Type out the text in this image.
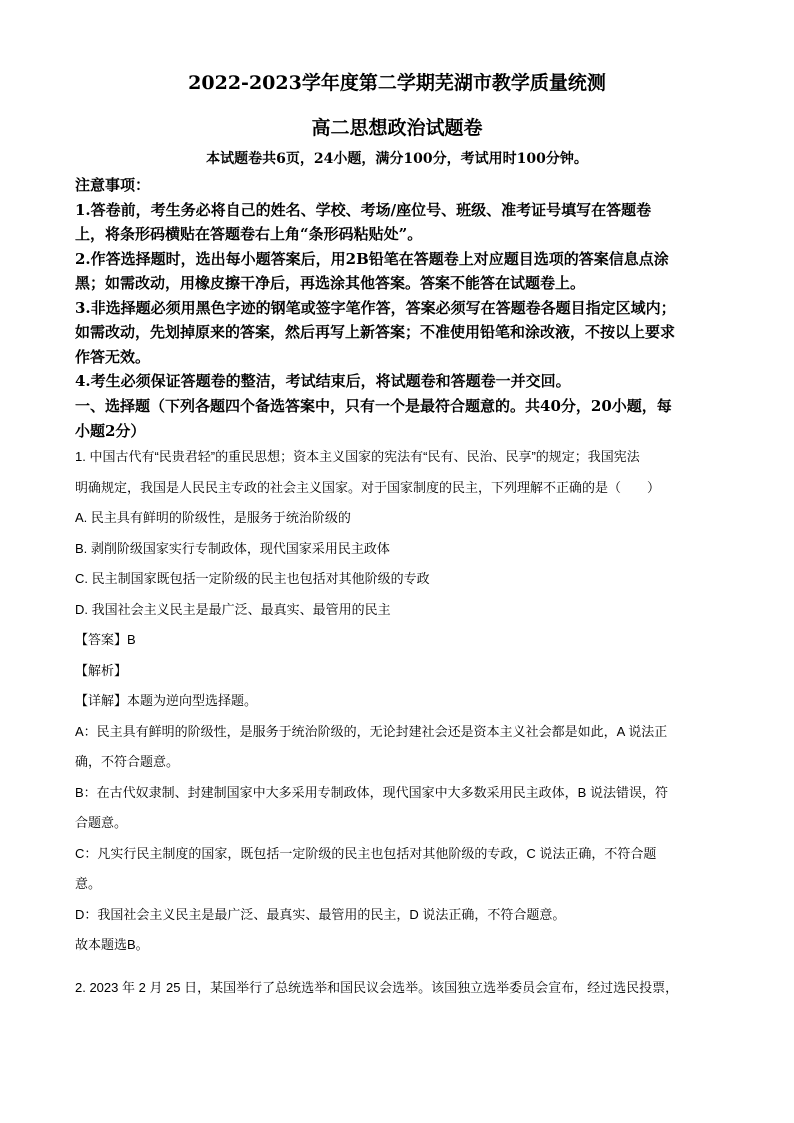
2022-2023学年度第二学期芜湖市教学质量统测
高二思想政治试题卷
本试题卷共6页，24小题，满分100分，考试用时100分钟。

注意事项：

1.答卷前，考生务必将自己的姓名、学校、考场/座位号、班级、准考证号填写在答题卷

上，将条形码横贴在答题卷右上角“条形码粘贴处”。

2.作答选择题时，选出每小题答案后，用2B铅笔在答题卷上对应题目选项的答案信息点涂

黑；如需改动，用橡皮擦干净后，再选涂其他答案。答案不能答在试题卷上。

3.非选择题必须用黑色字迹的钢笔或签字笔作答，答案必须写在答题卷各题目指定区域内；

如需改动，先划掉原来的答案，然后再写上新答案；不准使用铅笔和涂改液，不按以上要求

作答无效。

4.考生必须保证答题卷的整洁，考试结束后，将试题卷和答题卷一并交回。

一、选择题（下列各题四个备选答案中，只有一个是最符合题意的。共40分，20小题，每

小题2分）

1. 中国古代有“民贵君轻”的重民思想；资本主义国家的宪法有“民有、民治、民享”的规定；我国宪法

明确规定，我国是人民民主专政的社会主义国家。对于国家制度的民主，下列理解不正确的是（　　）

A. 民主具有鲜明的阶级性，是服务于统治阶级的

B. 剥削阶级国家实行专制政体，现代国家采用民主政体

C. 民主制国家既包括一定阶级的民主也包括对其他阶级的专政

D. 我国社会主义民主是最广泛、最真实、最管用的民主

【答案】B

【解析】

【详解】本题为逆向型选择题。

A：民主具有鲜明的阶级性，是服务于统治阶级的，无论封建社会还是资本主义社会都是如此，A 说法正

确，不符合题意。

B：在古代奴隶制、封建制国家中大多采用专制政体，现代国家中大多数采用民主政体，B 说法错误，符

合题意。

C：凡实行民主制度的国家，既包括一定阶级的民主也包括对其他阶级的专政，C 说法正确，不符合题

意。

D：我国社会主义民主是最广泛、最真实、最管用的民主，D 说法正确，不符合题意。

故本题选B。

2. 2023 年 2 月 25 日，某国举行了总统选举和国民议会选举。该国独立选举委员会宣布，经过选民投票，
